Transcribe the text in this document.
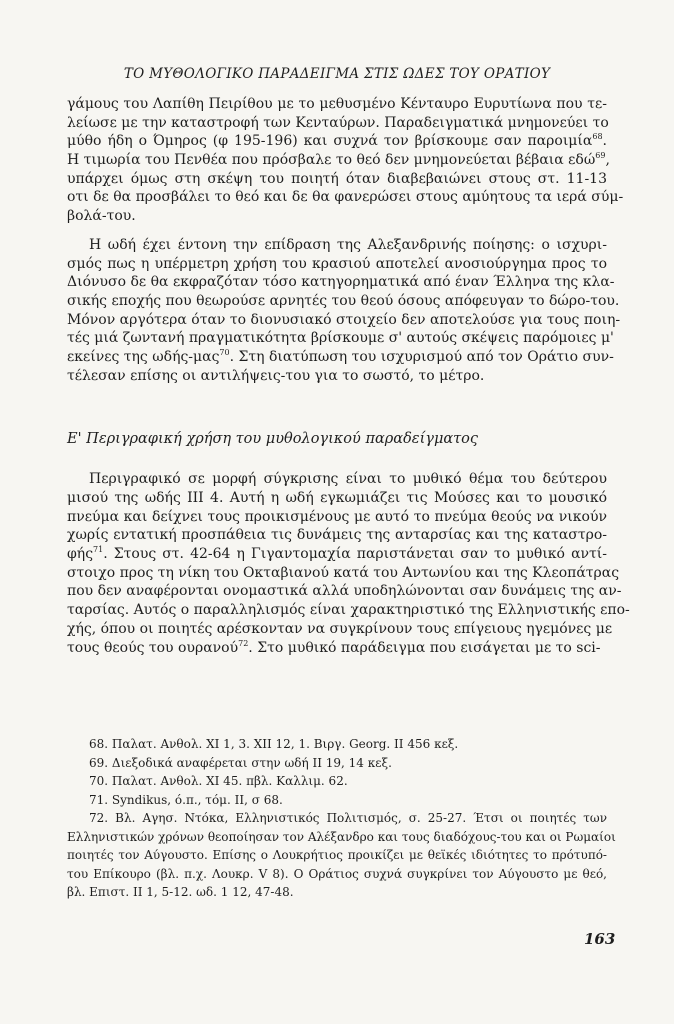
ΤΟ ΜΥΘΟΛΟΓΙΚΟ ΠΑΡΑΔΕΙΓΜΑ ΣΤΙΣ ΩΔΕΣ ΤΟΥ ΟΡΑΤΙΟΥ
γάμους του Λαπίθη Πειρίθου με το μεθυσμένο Κένταυρο Ευρυτίωνα που τε-
λείωσε με την καταστροφή των Κενταύρων. Παραδειγματικά μνημονεύει το
μύθο ήδη ο Όμηρος (φ 195-196) και συχνά τον βρίσκουμε σαν παροιμία$^{68}$.
Η τιμωρία του Πενθέα που πρόσβαλε το θεό δεν μνημονεύεται βέβαια εδώ$^{69}$,
υπάρχει όμως στη σκέψη του ποιητή όταν διαβεβαιώνει στους στ. 11-13
οτι δε θα προσβάλει το θεό και δε θα φανερώσει στους αμύητους τα ιερά σύμ-
βολά-του.
Η ωδή έχει έντονη την επίδραση της Αλεξανδρινής ποίησης: ο ισχυρι-
σμός πως η υπέρμετρη χρήση του κρασιού αποτελεί ανοσιούργημα προς το
Διόνυσο δε θα εκφραζόταν τόσο κατηγορηματικά από έναν Έλληνα της κλα-
σικής εποχής που θεωρούσε αρνητές του θεού όσους απόφευγαν το δώρο-του.
Μόνον αργότερα όταν το διονυσιακό στοιχείο δεν αποτελούσε για τους ποιη-
τές μιά ζωντανή πραγματικότητα βρίσκουμε σ' αυτούς σκέψεις παρόμοιες μ'
εκείνες της ωδής-μας$^{70}$. Στη διατύπωση του ισχυρισμού από τον Οράτιο συν-
τέλεσαν επίσης οι αντιλήψεις-του για το σωστό, το μέτρο.
Περιγραφικό σε μορφή σύγκρισης είναι το μυθικό θέμα του δεύτερου
μισού της ωδής III 4. Αυτή η ωδή εγκωμιάζει τις Μούσες και το μουσικό
πνεύμα και δείχνει τους προικισμένους με αυτό το πνεύμα θεούς να νικούν
χωρίς εντατική προσπάθεια τις δυνάμεις της ανταρσίας και της καταστρο-
φής$^{71}$. Στους στ. 42-64 η Γιγαντομαχία παριστάνεται σαν το μυθικό αντί-
στοιχο προς τη νίκη του Οκταβιανού κατά του Αντωνίου και της Κλεοπάτρας
που δεν αναφέρονται ονομαστικά αλλά υποδηλώνονται σαν δυνάμεις της αν-
ταρσίας. Αυτός ο παραλληλισμός είναι χαρακτηριστικό της Ελληνιστικής επο-
χής, όπου οι ποιητές αρέσκονταν να συγκρίνουν τους επίγειους ηγεμόνες με
τους θεούς του ουρανού$^{72}$. Στο μυθικό παράδειγμα που εισάγεται με το sci-
Ε' Περιγραφική χρήση του μυθολογικού παραδείγματος
68. Παλατ. Ανθολ. XI 1, 3. XII 12, 1. Βιργ. Georg. II 456 κεξ.
69. Διεξοδικά αναφέρεται στην ωδή II 19, 14 κεξ.
70. Παλατ. Ανθολ. XI 45. πβλ. Καλλιμ. 62.
71. Syndikus, ό.π., τόμ. II, σ 68.
72. Βλ. Αγησ. Ντόκα, Ελληνιστικός Πολιτισμός, σ. 25-27. Έτσι οι ποιητές των
Ελληνιστικών χρόνων θεοποίησαν τον Αλέξανδρο και τους διαδόχους-του και οι Ρωμαίοι
ποιητές τον Αύγουστο. Επίσης ο Λουκρήτιος προικίζει με θεϊκές ιδιότητες το πρότυπό-
του Επίκουρο (βλ. π.χ. Λουκρ. V 8). Ο Οράτιος συχνά συγκρίνει τον Αύγουστο με θεό,
βλ. Επιστ. II 1, 5-12. ωδ. 1 12, 47-48.
163
